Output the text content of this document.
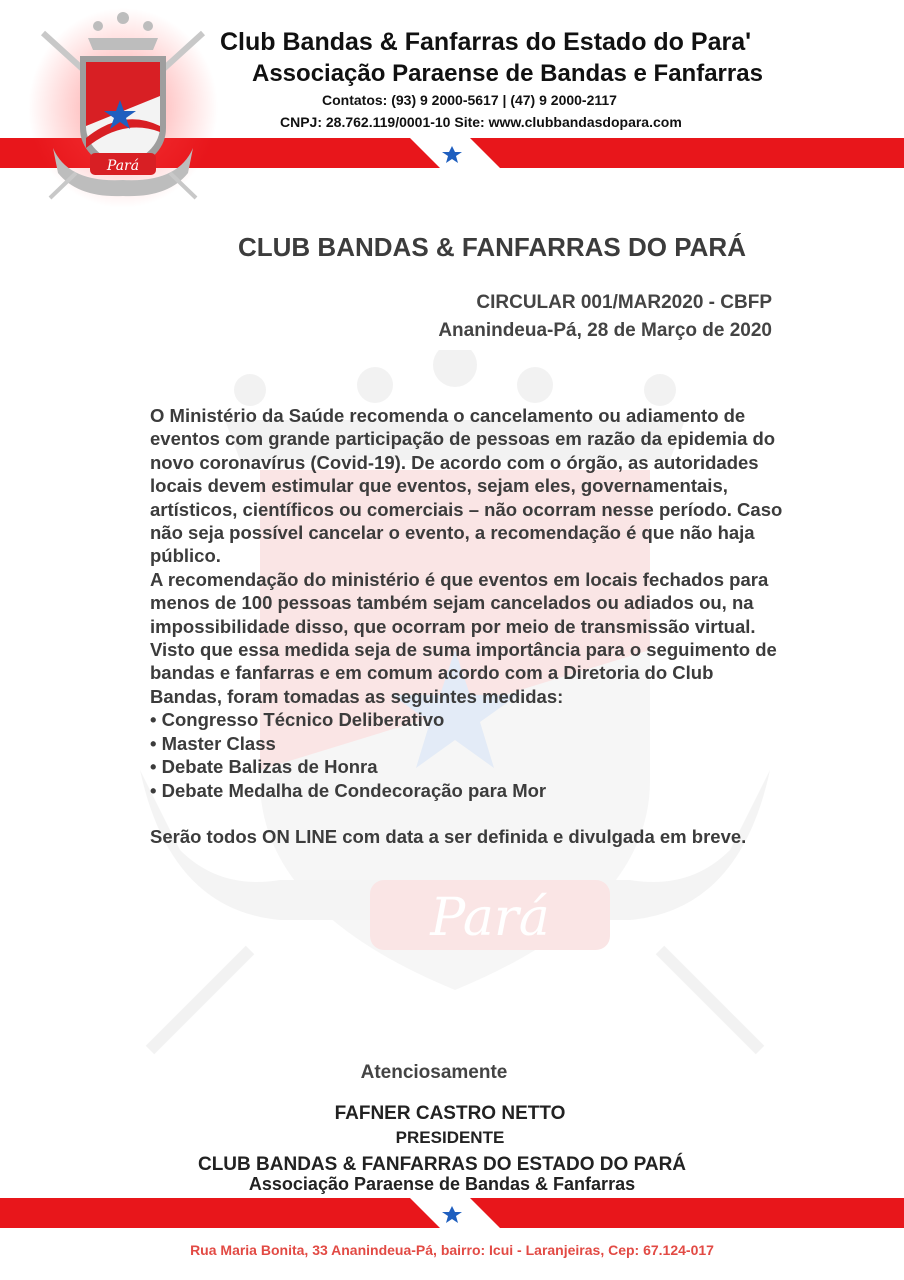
Pará
Pará
Club Bandas & Fanfarras do Estado do Para'
Associação Paraense de Bandas e Fanfarras
Contatos: (93) 9 2000-5617 | (47) 9 2000-2117
CNPJ: 28.762.119/0001-10 Site: www.clubbandasdopara.com
CLUB BANDAS & FANFARRAS DO PARÁ
CIRCULAR 001/MAR2020 - CBFP
Ananindeua-Pá, 28 de Março de 2020

O Ministério da Saúde recomenda o cancelamento ou adiamento de eventos com grande participação de pessoas em razão da epidemia do novo coronavírus (Covid-19). De acordo com o órgão, as autoridades locais devem estimular que eventos, sejam eles, governamentais, artísticos, científicos ou comerciais – não ocorram nesse período. Caso não seja possível cancelar o evento, a recomendação é que não haja público.

A recomendação do ministério é que eventos em locais fechados para menos de 100 pessoas também sejam cancelados ou adiados ou, na impossibilidade disso, que ocorram por meio de transmissão virtual.

Visto que essa medida seja de suma importância para o seguimento de bandas e fanfarras e em comum acordo com a Diretoria do Club Bandas, foram tomadas as seguintes medidas:

• Congresso Técnico Deliberativo
• Master Class
• Debate Balizas de Honra
• Debate Medalha de Condecoração para Mor

Serão todos ON LINE com data a ser definida e divulgada em breve.

Atenciosamente
FAFNER CASTRO NETTO
PRESIDENTE
CLUB BANDAS & FANFARRAS DO ESTADO DO PARÁ
Associação Paraense de Bandas & Fanfarras
Rua Maria Bonita, 33 Ananindeua-Pá, bairro: Icui - Laranjeiras, Cep: 67.124-017
